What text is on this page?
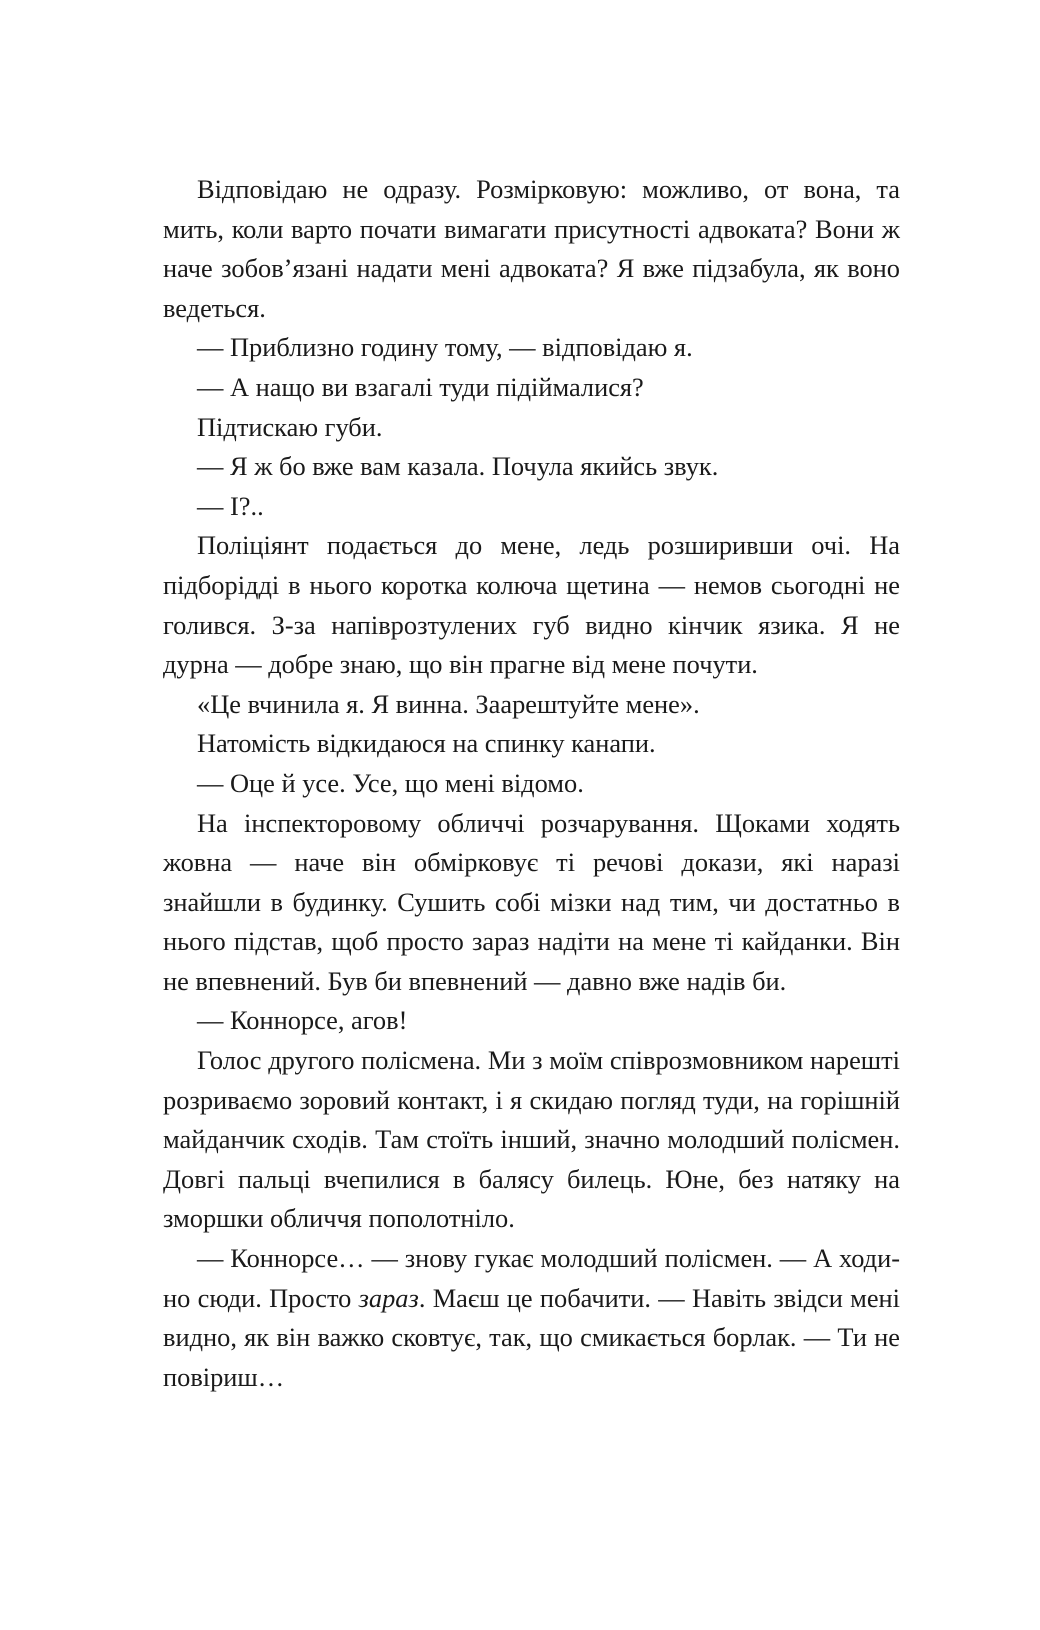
Відповідаю не одразу. Розмірковую: можливо, от вона, та мить, коли варто почати вимагати присутності адвоката? Вони ж наче зобов’язані надати мені адвоката? Я вже підзабула, як воно ведеться.

— Приблизно годину тому, — відповідаю я.

— А нащо ви взагалі туди підіймалися?

Підтискаю губи.

— Я ж бо вже вам казала. Почула якийсь звук.

— І?..

Поліціянт подається до мене, ледь розширивши очі. На підборідді в нього коротка колюча щетина — немов сьогодні не голився. З-за напіврозтулених губ видно кінчик язика. Я не дурна — добре знаю, що він прагне від мене почути.

«Це вчинила я. Я винна. Заарештуйте мене».

Натомість відкидаюся на спинку канапи.

— Оце й усе. Усе, що мені відомо.

На інспекторовому обличчі розчарування. Щоками ходять жовна — наче він обмірковує ті речові докази, які наразі знайшли в будинку. Сушить собі мізки над тим, чи достатньо в нього підстав, щоб просто зараз надіти на мене ті кайданки. Він не впевнений. Був би впевнений — давно вже надів би.

— Коннорсе, агов!

Голос другого полісмена. Ми з моїм співрозмовником нарешті розриваємо зоровий контакт, і я скидаю погляд туди, на горішній майданчик сходів. Там стоїть інший, значно молодший полісмен. Довгі пальці вчепилися в балясу билець. Юне, без натяку на зморшки обличчя пополотніло.

— Коннорсе… — знову гукає молодший полісмен. — А ходи-но сюди. Просто зараз. Маєш це побачити. — Навіть звідси мені видно, як він важко сковтує, так, що смикається борлак. — Ти не повіриш…
